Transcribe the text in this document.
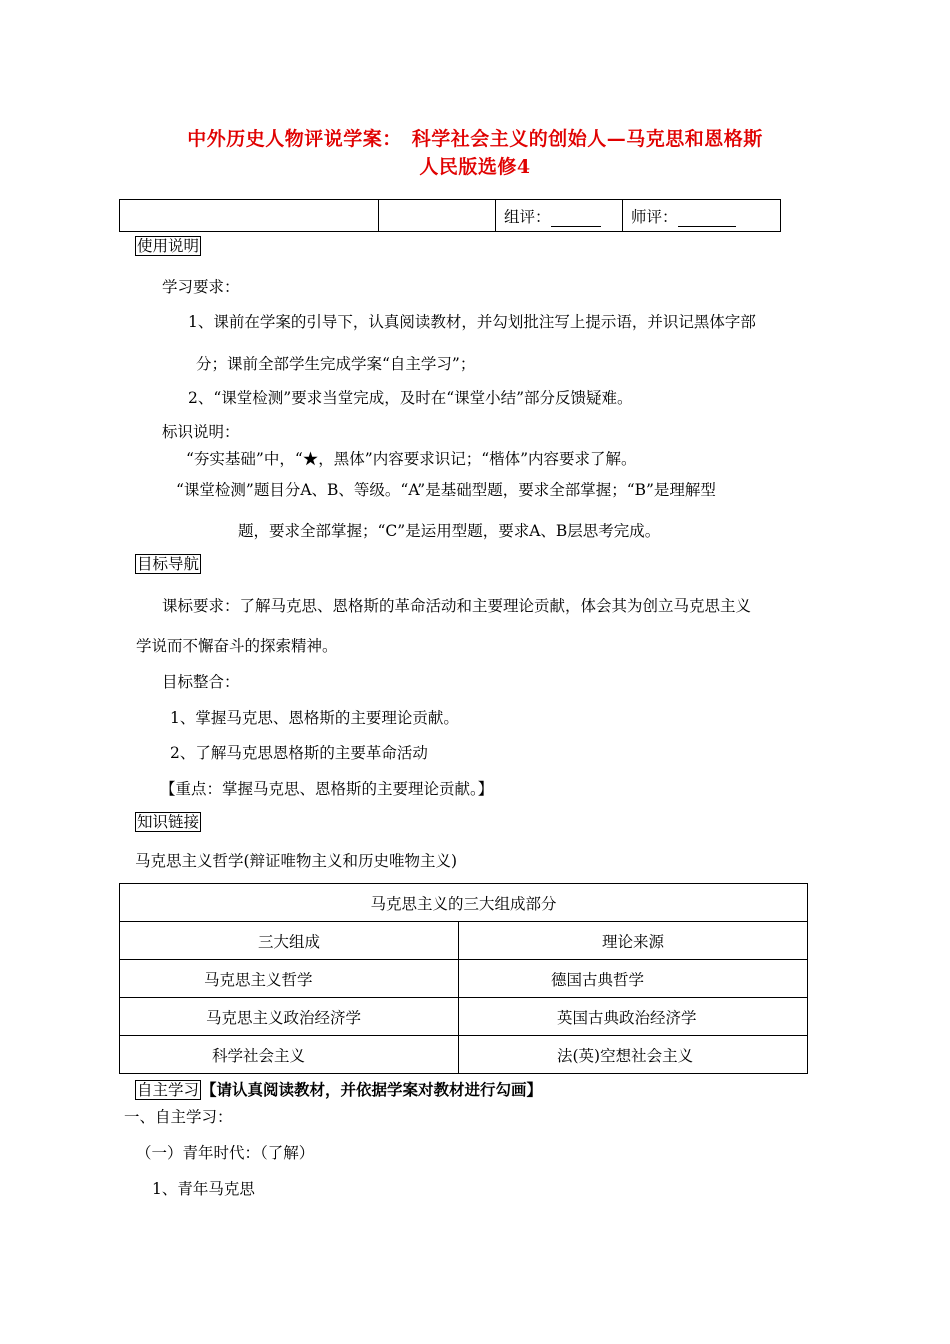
中外历史人物评说学案：　科学社会主义的创始人—马克思和恩格斯
人民版选修4
		组评：	师评：
使用说明
学习要求：
1、课前在学案的引导下，认真阅读教材，并勾划批注写上提示语，并识记黑体字部
分；课前全部学生完成学案“自主学习”；
2、“课堂检测”要求当堂完成，及时在“课堂小结”部分反馈疑难。
标识说明：
“夯实基础”中，“★，黑体”内容要求识记；“楷体”内容要求了解。
“课堂检测”题目分A、B、等级。“A”是基础型题，要求全部掌握；“B”是理解型
题，要求全部掌握；“C”是运用型题，要求A、B层思考完成。
目标导航
课标要求：了解马克思、恩格斯的革命活动和主要理论贡献，体会其为创立马克思主义
学说而不懈奋斗的探索精神。
目标整合：
1、掌握马克思、恩格斯的主要理论贡献。
2、了解马克思恩格斯的主要革命活动
【重点：掌握马克思、恩格斯的主要理论贡献。】
知识链接
马克思主义哲学(辩证唯物主义和历史唯物主义)
马克思主义的三大组成部分	
三大组成	理论来源
马克思主义哲学	德国古典哲学
马克思主义政治经济学	英国古典政治经济学
科学社会主义	法(英)空想社会主义
自主学习 【请认真阅读教材，并依据学案对教材进行勾画】
一、自主学习：
（一）青年时代：（了解）
1、青年马克思
